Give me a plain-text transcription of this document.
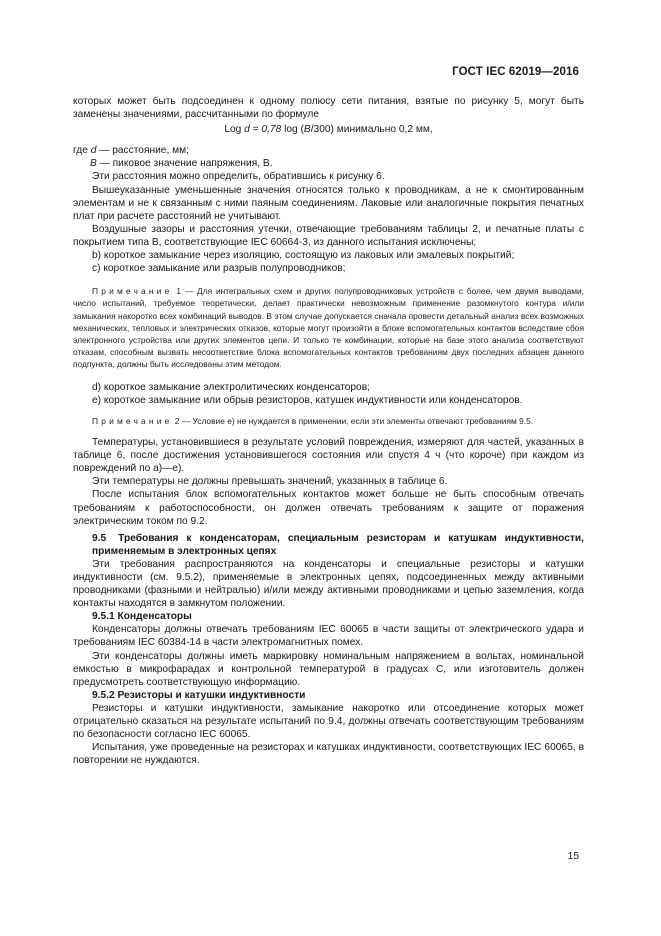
ГОСТ IEC 62019—2016

которых может быть подсоединен к одному полюсу сети питания, взятые по рисунку 5, могут быть заменены значениями, рассчитанными по формуле

Log d = 0,78 log (B/300) минимально 0,2 мм,

где d — расстояние, мм;

B — пиковое значение напряжения, В.

Эти расстояния можно определить, обратившись к рисунку 6.

Вышеуказанные уменьшенные значения относятся только к проводникам, а не к смонтированным элементам и не к связанным с ними паяным соединениям. Лаковые или аналогичные покрытия печатных плат при расчете расстояний не учитывают.

Воздушные зазоры и расстояния утечки, отвечающие требованиям таблицы 2, и печатные платы с покрытием типа B, соответствующие IEC 60664-3, из данного испытания исключены;

b) короткое замыкание через изоляцию, состоящую из лаковых или эмалевых покрытий;

c) короткое замыкание или разрыв полупроводников;

Примечание 1 — Для интегральных схем и других полупроводниковых устройств с более, чем двумя выводами, число испытаний, требуемое теоретически, делает практически невозможным применение разомкнутого контура и/или замыкания накоротко всех комбинаций выводов. В этом случае допускается сначала провести детальный анализ всех возможных механических, тепловых и электрических отказов, которые могут произойти в блоке вспомогательных контактов вследствие сбоя электронного устройства или других элементов цепи. И только те комбинации, которые на базе этого анализа соответствуют отказам, способным вызвать несоответствие блока вспомогательных контактов требованиям двух последних абзацев данного подпункта, должны быть исследованы этим методом.

d) короткое замыкание электролитических конденсаторов;

e) короткое замыкание или обрыв резисторов, катушек индуктивности или конденсаторов.

Примечание 2 — Условие e) не нуждается в применении, если эти элементы отвечают требованиям 9.5.

Температуры, установившиеся в результате условий повреждения, измеряют для частей, указанных в таблице 6, после достижения установившегося состояния или спустя 4 ч (что короче) при каждом из повреждений по а)—е).

Эти температуры не должны превышать значений, указанных в таблице 6.

После испытания блок вспомогательных контактов может больше не быть способным отвечать требованиям к работоспособности, он должен отвечать требованиям к защите от поражения электрическим током по 9.2.

9.5 Требования к конденсаторам, специальным резисторам и катушкам индуктивности, применяемым в электронных цепях

Эти требования распространяются на конденсаторы и специальные резисторы и катушки индуктивности (см. 9.5.2), применяемые в электронных цепях, подсоединенных между активными проводниками (фазными и нейтралью) и/или между активными проводниками и цепью заземления, когда контакты находятся в замкнутом положении.

9.5.1 Конденсаторы

Конденсаторы должны отвечать требованиям IEC 60065 в части защиты от электрического удара и требованиям IEC 60384-14 в части электромагнитных помех.

Эти конденсаторы должны иметь маркировку номинальным напряжением в вольтах, номинальной емкостью в микрофарадах и контрольной температурой в градусах С, или изготовитель должен предусмотреть соответствующую информацию.

9.5.2 Резисторы и катушки индуктивности

Резисторы и катушки индуктивности, замыкание накоротко или отсоединение которых может отрицательно сказаться на результате испытаний по 9.4, должны отвечать соответствующим требованиям по безопасности согласно IEC 60065.

Испытания, уже проведенные на резисторах и катушках индуктивности, соответствующих IEC 60065, в повторении не нуждаются.

15
